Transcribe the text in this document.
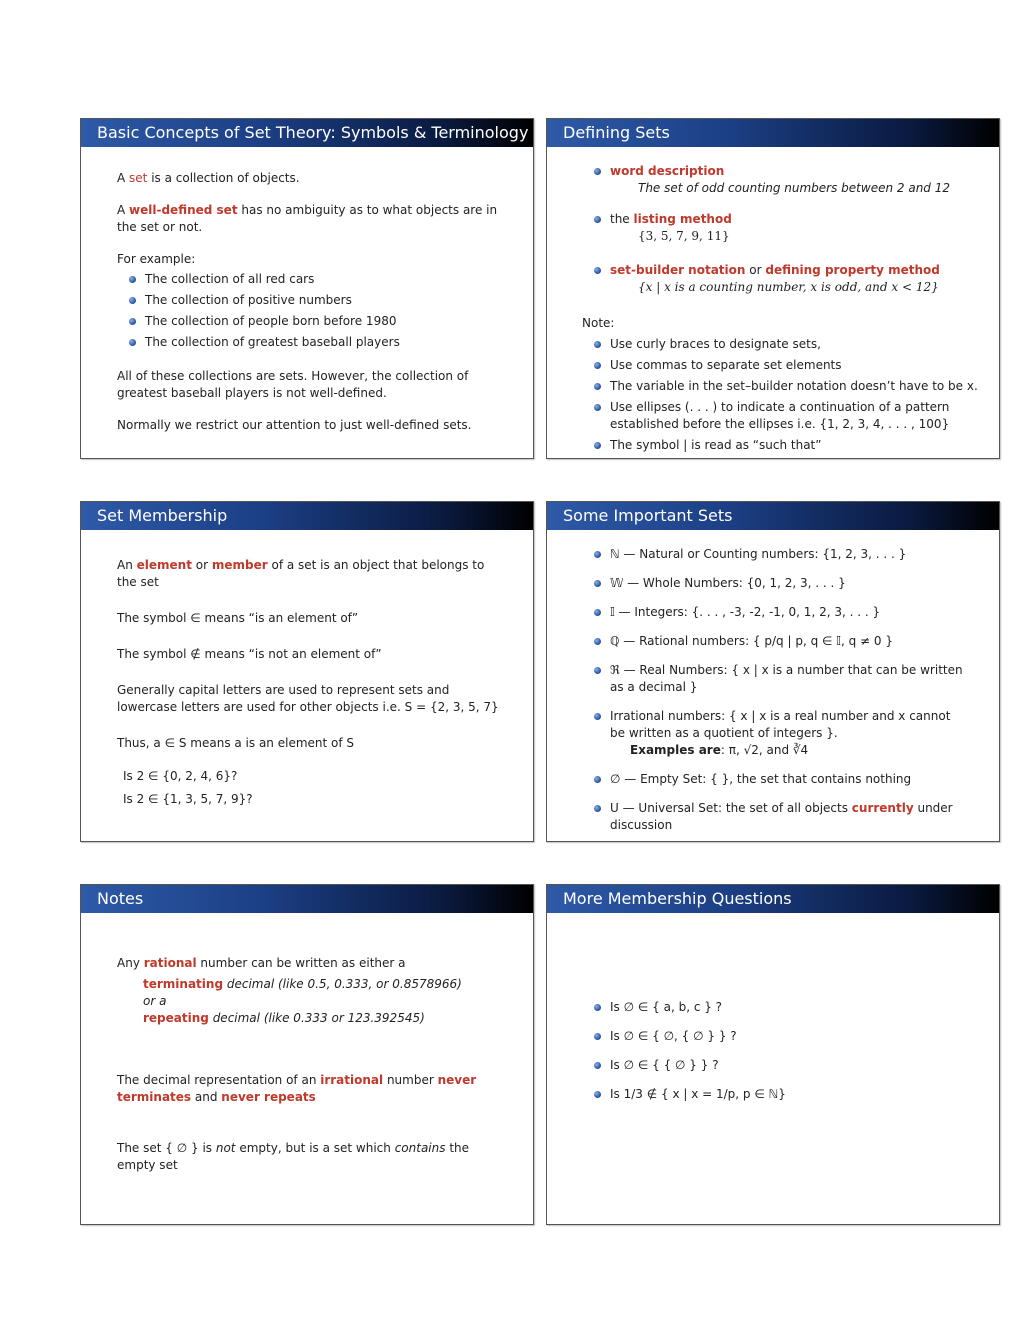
Basic Concepts of Set Theory: Symbols & Terminology
A set is a collection of objects.
A well-defined set has no ambiguity as to what objects are in the set or not.
For example:
The collection of all red cars
The collection of positive numbers
The collection of people born before 1980
The collection of greatest baseball players
All of these collections are sets. However, the collection of greatest baseball players is not well-defined.
Normally we restrict our attention to just well-defined sets.
Defining Sets
word description
The set of odd counting numbers between 2 and 12
the listing method
{3, 5, 7, 9, 11}
set-builder notation or defining property method
{x | x is a counting number, x is odd, and x < 12}
Note:
Use curly braces to designate sets,
Use commas to separate set elements
The variable in the set–builder notation doesn’t have to be x.
Use ellipses (. . . ) to indicate a continuation of a pattern established before the ellipses i.e. {1, 2, 3, 4, . . . , 100}
The symbol | is read as “such that”
Set Membership
An element or member of a set is an object that belongs to the set
The symbol ∈ means “is an element of”
The symbol ∉ means “is not an element of”
Generally capital letters are used to represent sets and lowercase letters are used for other objects i.e. S = {2, 3, 5, 7}
Thus, a ∈ S means a is an element of S
Is 2 ∈ {0, 2, 4, 6}?
Is 2 ∈ {1, 3, 5, 7, 9}?
Some Important Sets
ℕ — Natural or Counting numbers: {1, 2, 3, . . . }
𝕎 — Whole Numbers: {0, 1, 2, 3, . . . }
𝕀 — Integers: {. . . , -3, -2, -1, 0, 1, 2, 3, . . . }
ℚ — Rational numbers: { p/q | p, q ∈ 𝕀, q ≠ 0 }
ℜ — Real Numbers: { x | x is a number that can be written as a decimal }
Irrational numbers: { x | x is a real number and x cannot be written as a quotient of integers }.
Examples are: π, √2, and ∛4
∅ — Empty Set: { }, the set that contains nothing
U — Universal Set: the set of all objects currently under discussion
Notes
Any rational number can be written as either a
terminating decimal (like 0.5, 0.333, or 0.8578966)
or a
repeating decimal (like 0.333 or 123.392545)
The decimal representation of an irrational number never terminates and never repeats
The set { ∅ } is not empty, but is a set which contains the empty set
More Membership Questions
Is ∅ ∈ { a, b, c } ?
Is ∅ ∈ { ∅, { ∅ } } ?
Is ∅ ∈ { { ∅ } } ?
Is 1/3 ∉ { x | x = 1/p, p ∈ ℕ}
